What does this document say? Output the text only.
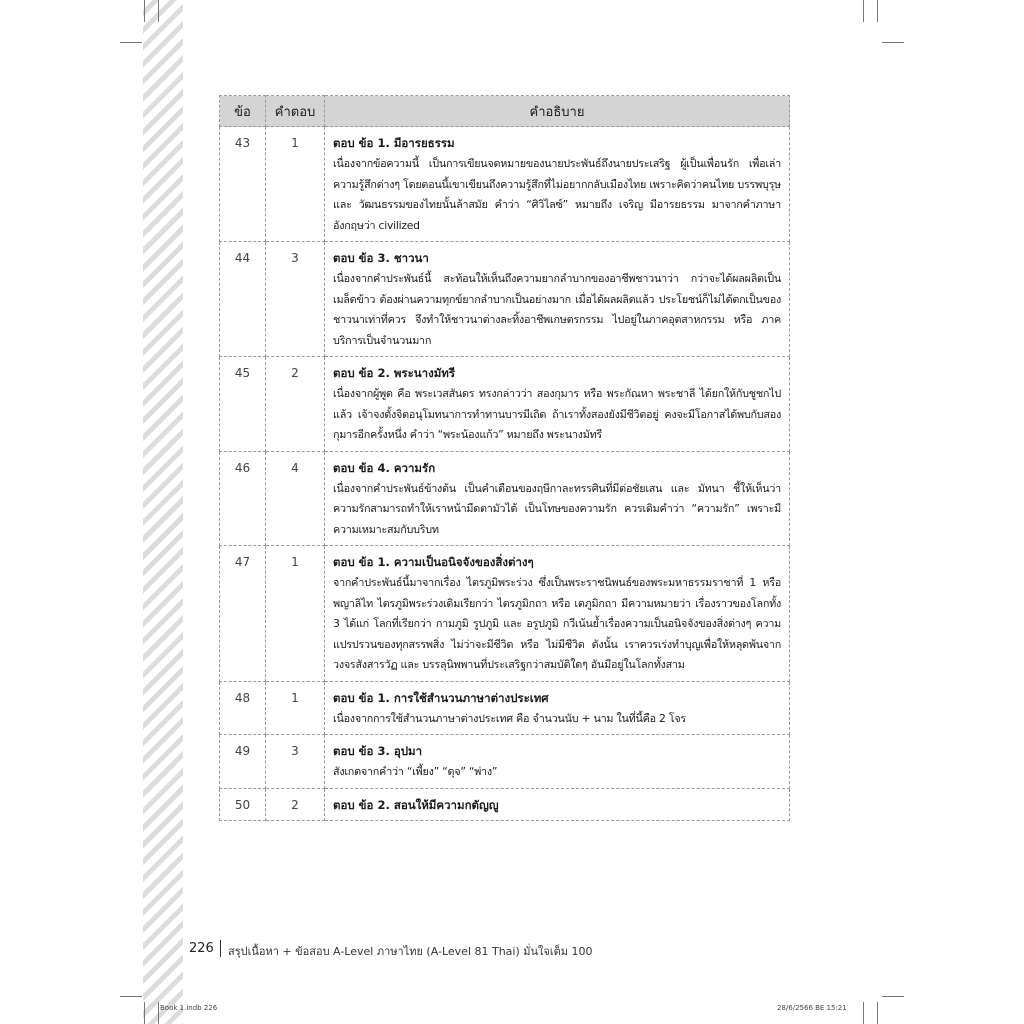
ข้อ	คำตอบ	คำอธิบาย
43	1	ตอบ ข้อ 1. มีอารยธรรม
เนื่องจากข้อความนี้ เป็นการเขียนจดหมายของนายประพันธ์ถึงนายประเสริฐ ผู้เป็นเพื่อนรัก เพื่อเล่าความรู้สึกต่างๆ โดยตอนนี้เขาเขียนถึงความรู้สึกที่ไม่อยากกลับเมืองไทย เพราะคิดว่าคนไทย บรรพบุรุษ และ วัฒนธรรมของไทยนั้นล้าสมัย คำว่า “ศิวิไลซ์” หมายถึง เจริญ มีอารยธรรม มาจากคำภาษาอังกฤษว่า civilized

44	3	ตอบ ข้อ 3. ชาวนา
เนื่องจากคำประพันธ์นี้ สะท้อนให้เห็นถึงความยากลำบากของอาชีพชาวนาว่า กว่าจะได้ผลผลิตเป็นเมล็ดข้าว ต้องผ่านความทุกข์ยากลำบากเป็นอย่างมาก เมื่อได้ผลผลิตแล้ว ประโยชน์ก็ไม่ได้ตกเป็นของชาวนาเท่าที่ควร จึงทำให้ชาวนาต่างละทิ้งอาชีพเกษตรกรรม ไปอยู่ในภาคอุตสาหกรรม หรือ ภาคบริการเป็นจำนวนมาก

45	2	ตอบ ข้อ 2. พระนางมัทรี
เนื่องจากผู้พูด คือ พระเวสสันดร ทรงกล่าวว่า สองกุมาร หรือ พระกัณหา พระชาลี ได้ยกให้กับชูชกไปแล้ว เจ้าจงตั้งจิตอนุโมทนาการทำทานบารมีเถิด ถ้าเราทั้งสองยังมีชีวิตอยู่ คงจะมีโอกาสได้พบกับสองกุมารอีกครั้งหนึ่ง คำว่า “พระน้องแก้ว” หมายถึง พระนางมัทรี

46	4	ตอบ ข้อ 4. ความรัก
เนื่องจากคำประพันธ์ข้างต้น เป็นคำเตือนของฤษีกาละทรรศินที่มีต่อชัยเสน และ มัทนา ชี้ให้เห็นว่า ความรักสามารถทำให้เราหน้ามืดตามัวได้ เป็นโทษของความรัก ควรเติมคำว่า “ความรัก” เพราะมีความเหมาะสมกับบริบท

47	1	ตอบ ข้อ 1. ความเป็นอนิจจังของสิ่งต่างๆ
จากคำประพันธ์นี้มาจากเรื่อง ไตรภูมิพระร่วง ซึ่งเป็นพระราชนิพนธ์ของพระมหาธรรมราชาที่ 1 หรือ พญาลิไท ไตรภูมิพระร่วงเดิมเรียกว่า ไตรภูมิกถา หรือ เตภูมิกถา มีความหมายว่า เรื่องราวของโลกทั้ง 3 ได้แก่ โลกที่เรียกว่า กามภูมิ รูปภูมิ และ อรูปภูมิ กวีเน้นย้ำเรื่องความเป็นอนิจจังของสิ่งต่างๆ ความแปรปรวนของทุกสรรพสิ่ง ไม่ว่าจะมีชีวิต หรือ ไม่มีชีวิต ดังนั้น เราควรเร่งทำบุญเพื่อให้หลุดพ้นจากวงจรสังสารวัฏ และ บรรลุนิพพานที่ประเสริฐกว่าสมบัติใดๆ อันมีอยู่ในโลกทั้งสาม

48	1	ตอบ ข้อ 1. การใช้สำนวนภาษาต่างประเทศ
เนื่องจากการใช้สำนวนภาษาต่างประเทศ คือ จำนวนนับ + นาม ในที่นี้คือ 2 โจร

49	3	ตอบ ข้อ 3. อุปมา
สังเกตจากคำว่า “เพี้ยง” “ดุจ” “พ่าง”

50	2	ตอบ ข้อ 2. สอนให้มีความกตัญญู
226	สรุปเนื้อหา + ข้อสอบ A-Level ภาษาไทย (A-Level 81 Thai) มั่นใจเต็ม 100
Book 1.indb 226	28/6/2566 BE 15:21
